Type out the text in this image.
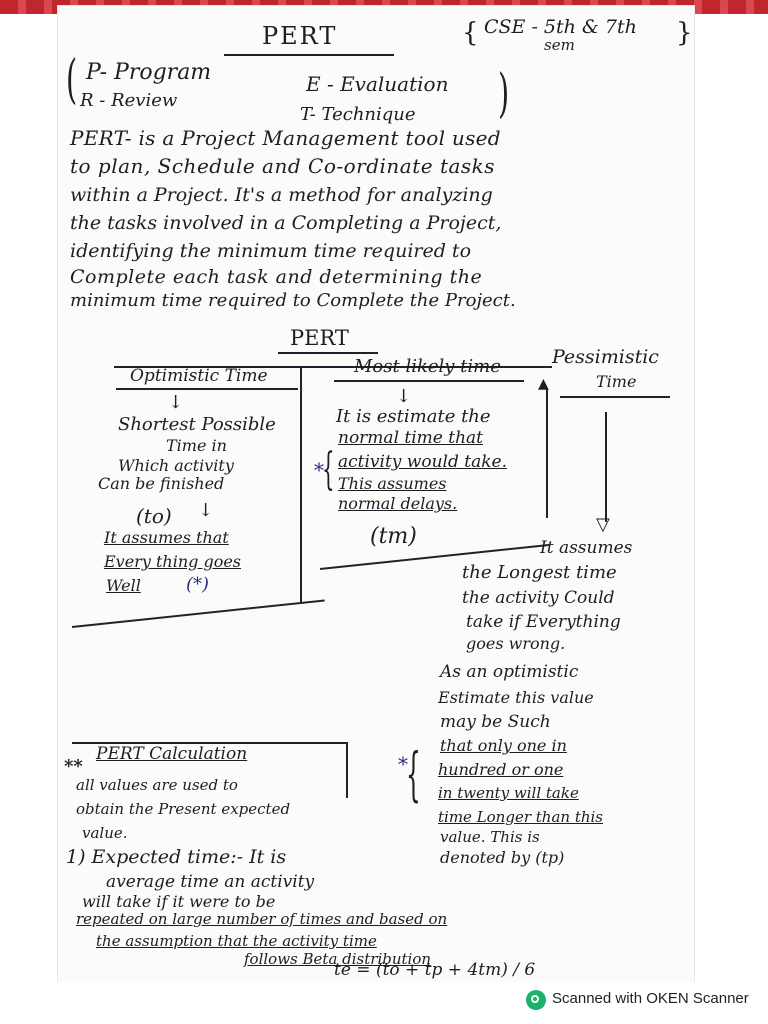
PERT	{ CSE - 5th & 7th
sem	}
( P- Program
R - Review
E - Evaluation
T- Technique )
PERT- is a Project Management tool used
to plan, Schedule and Co-ordinate tasks
within a Project. It's a method for analyzing
the tasks involved in a Completing a Project,
identifying the minimum time required to
Complete each task and determining the
minimum time required to Complete the Project.
PERT
Optimistic Time
↓
Shortest Possible
Time in
Which activity
Can be finished
(to) ↓
It assumes that
Every thing goes
Well	(*)
Most likely time
↓
It is estimate the
normal time that
activity would take.
This assumes
normal delays.
*
{
(tm)
▲
Pessimistic
Time
▽
It assumes
the Longest time
the activity Could
take if Everything
goes wrong.
As an optimistic
Estimate this value
may be Such
that only one in
hundred or one
in twenty will take
time Longer than this
value. This is
denoted by (tp)
*
{
**
PERT Calculation
all values are used to
obtain the Present expected
value.
1) Expected time:- It is
average time an activity
will take if it were to be
repeated on large number of times and based on
the assumption that the activity time
follows Beta distribution
te = (to + tp + 4tm) / 6
Scanned with OKEN Scanner
